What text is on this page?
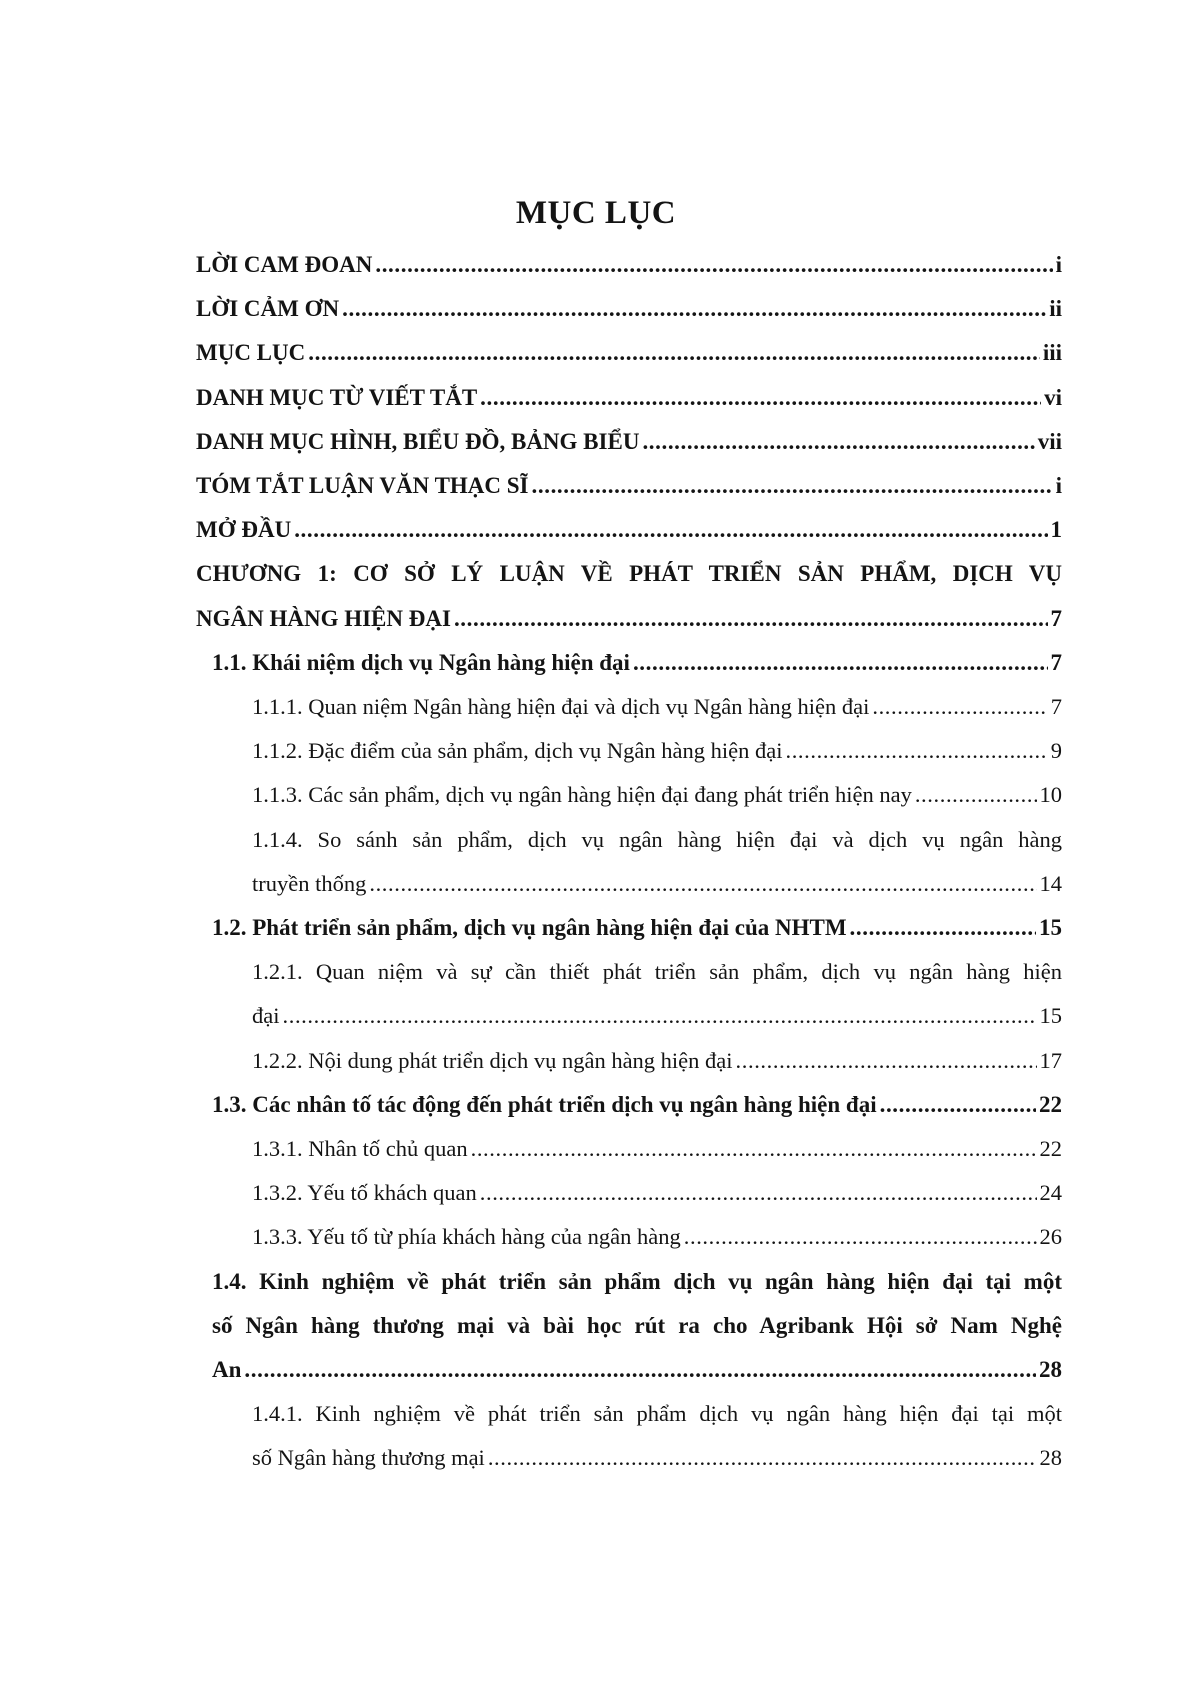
MỤC LỤC
LỜI CAM ĐOAN .....	i
LỜI CẢM ƠN .....	ii
MỤC LỤC .....	iii
DANH MỤC TỪ VIẾT TẮT .....	vi
DANH MỤC HÌNH, BIỂU ĐỒ, BẢNG BIỂU .....	vii
TÓM TẮT LUẬN VĂN THẠC SĨ .....	i
MỞ ĐẦU .....	1
CHƯƠNG 1: CƠ SỞ LÝ LUẬN VỀ PHÁT TRIỂN SẢN PHẨM, DỊCH VỤ
NGÂN HÀNG HIỆN ĐẠI .....	7
1.1. Khái niệm dịch vụ Ngân hàng hiện đại .....	7
1.1.1. Quan niệm Ngân hàng hiện đại và dịch vụ Ngân hàng hiện đại .....	7
1.1.2. Đặc điểm của sản phẩm, dịch vụ Ngân hàng hiện đại .....	9
1.1.3. Các sản phẩm, dịch vụ ngân hàng hiện đại đang phát triển hiện nay .....	10
1.1.4. So sánh sản phẩm, dịch vụ ngân hàng hiện đại và dịch vụ ngân hàng
truyền thống .....	14
1.2. Phát triển sản phẩm, dịch vụ ngân hàng hiện đại của NHTM .....	15
1.2.1. Quan niệm và sự cần thiết phát triển sản phẩm, dịch vụ ngân hàng hiện
đại .....	15
1.2.2. Nội dung phát triển dịch vụ ngân hàng hiện đại .....	17
1.3. Các nhân tố tác động đến phát triển dịch vụ ngân hàng hiện đại .....	22
1.3.1. Nhân tố chủ quan .....	22
1.3.2. Yếu tố khách quan .....	24
1.3.3. Yếu tố từ phía khách hàng của ngân hàng .....	26
1.4. Kinh nghiệm về phát triển sản phẩm dịch vụ ngân hàng hiện đại tại một
số Ngân hàng thương mại và bài học rút ra cho Agribank Hội sở Nam Nghệ
An .....	28
1.4.1. Kinh nghiệm về phát triển sản phẩm dịch vụ ngân hàng hiện đại tại một
số Ngân hàng thương mại .....	28
